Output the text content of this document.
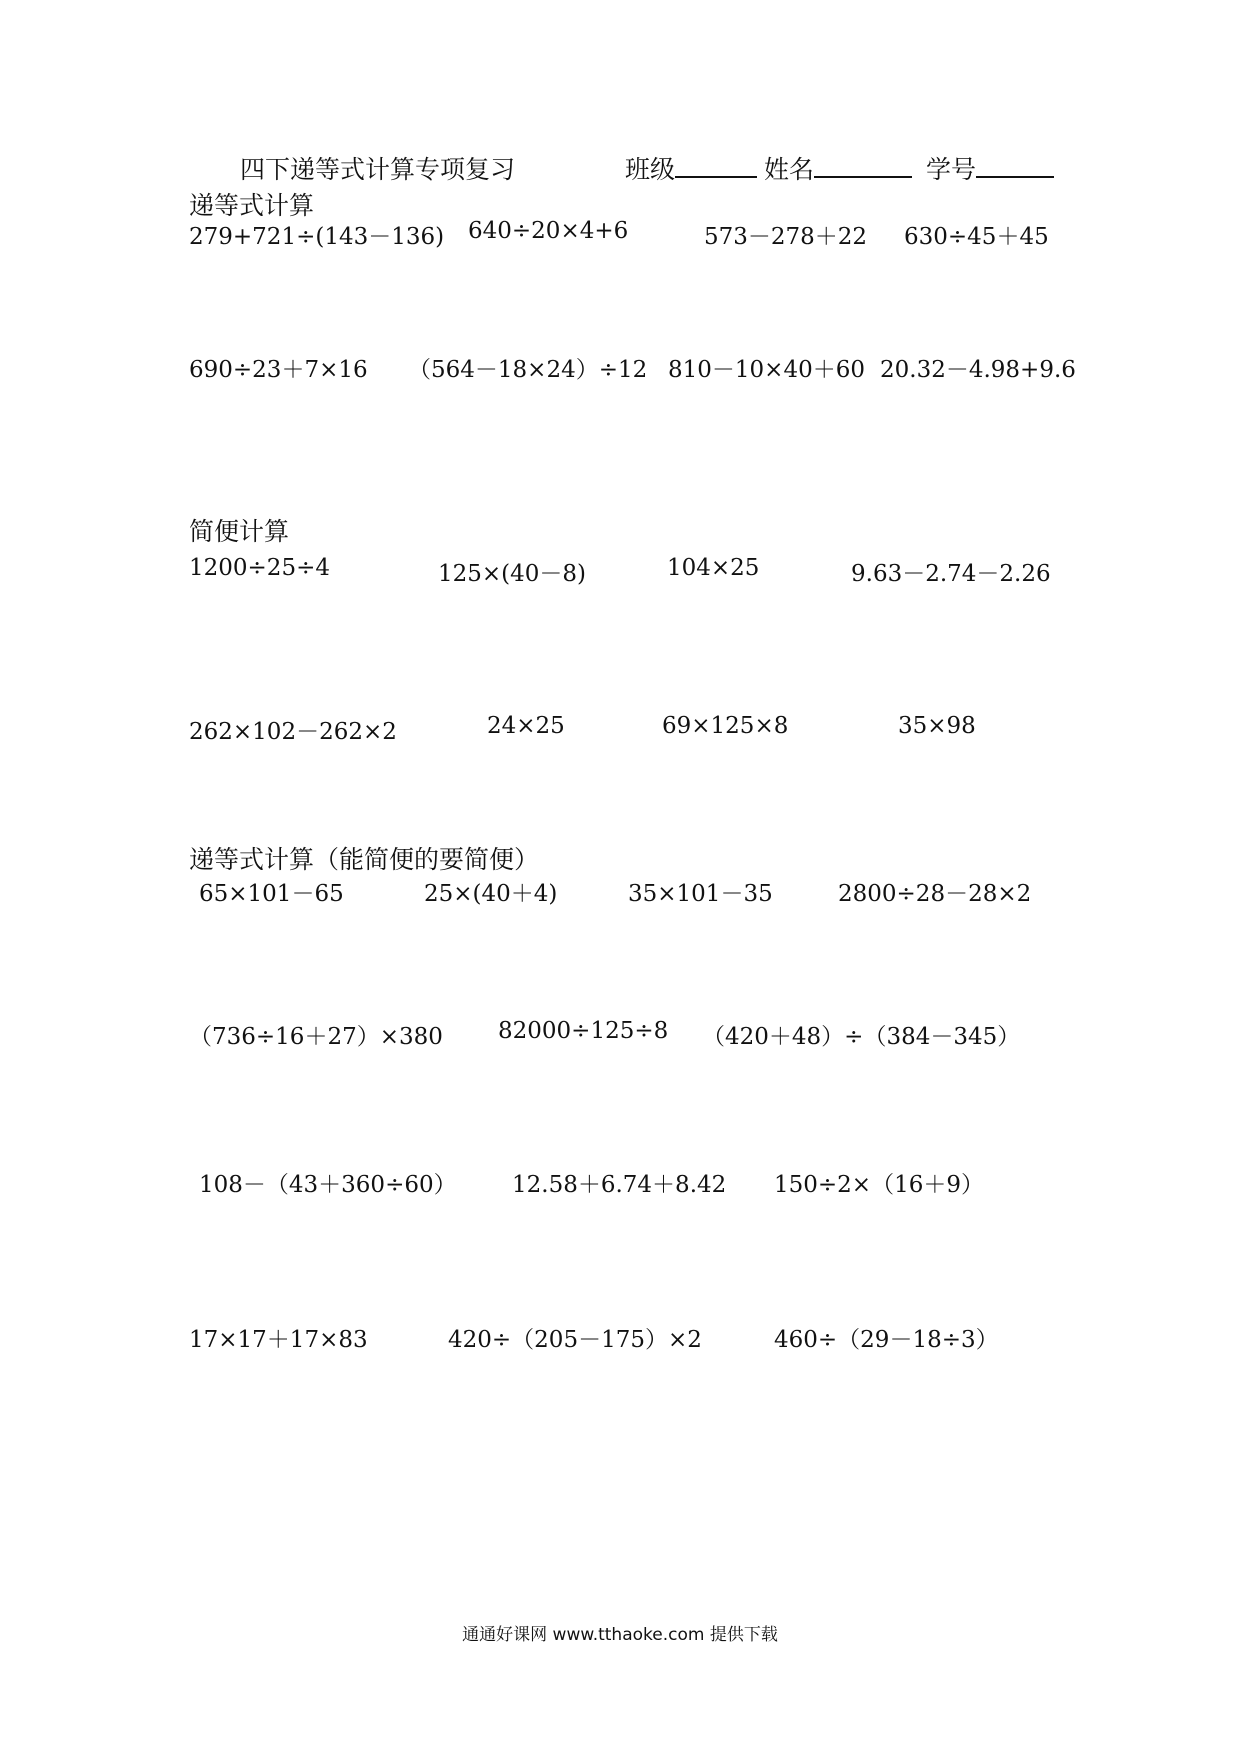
四下递等式计算专项复习	班级	姓名	学号
递等式计算
279+721÷(143－136) 640÷20×4+6	573－278＋22 630÷45＋45
690÷23＋7×16 （564－18×24）÷12 810－10×40＋60 20.32－4.98+9.6
简便计算
1200÷25÷4	125×(40－8)	104×25	9.63－2.74－2.26
262×102－262×2	24×25	69×125×8	35×98
递等式计算（能简便的要简便）
65×101－65	25×(40＋4)	35×101－35	2800÷28－28×2
（736÷16＋27）×380 82000÷125÷8 （420＋48）÷（384－345）
108－（43＋360÷60） 12.58＋6.74＋8.42 150÷2×（16＋9）
17×17＋17×83	420÷（205－175）×2	460÷（29－18÷3）
通通好课网 www.tthaoke.com 提供下载
